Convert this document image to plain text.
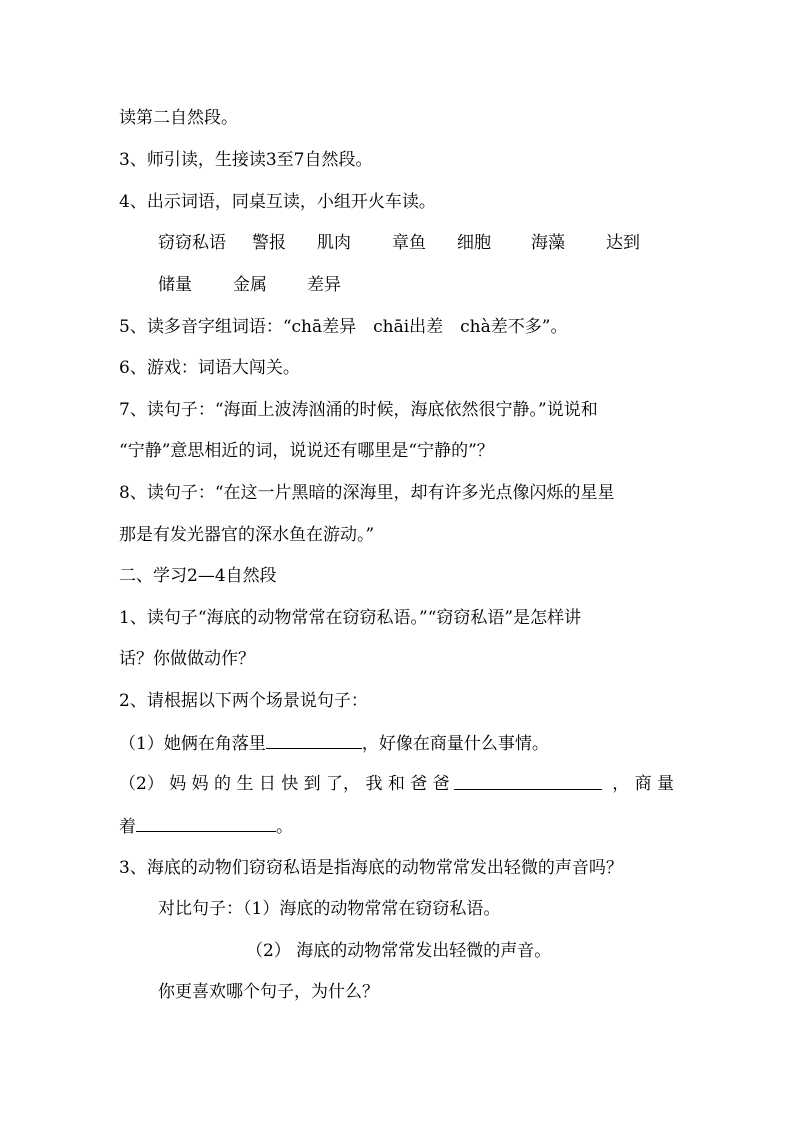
读第二自然段。
3、师引读，生接读3至7自然段。
4、出示词语，同桌互读，小组开火车读。
窃窃私语 警报 肌肉 章鱼 细胞 海藻 达到
储量 金属 差异
5、读多音字组词语：“chā差异　chāi出差　chà差不多”。
6、游戏：词语大闯关。
7、读句子：“海面上波涛汹涌的时候，海底依然很宁静。”说说和
“宁静”意思相近的词，说说还有哪里是“宁静的”？
8、读句子：“在这一片黑暗的深海里，却有许多光点像闪烁的星星
那是有发光器官的深水鱼在游动。”
二、学习2—4自然段
1、读句子“海底的动物常常在窃窃私语。”“窃窃私语”是怎样讲
话？你做做动作？
2、请根据以下两个场景说句子：
（1）她俩在角落里	，好像在商量什么事情。
（2） 妈 妈 的 生 日 快 到 了， 我 和 爸 爸	， 商 量
着	。
3、海底的动物们窃窃私语是指海底的动物常常发出轻微的声音吗？
对比句子：（1）海底的动物常常在窃窃私语。
（2） 海底的动物常常发出轻微的声音。
你更喜欢哪个句子，为什么？
